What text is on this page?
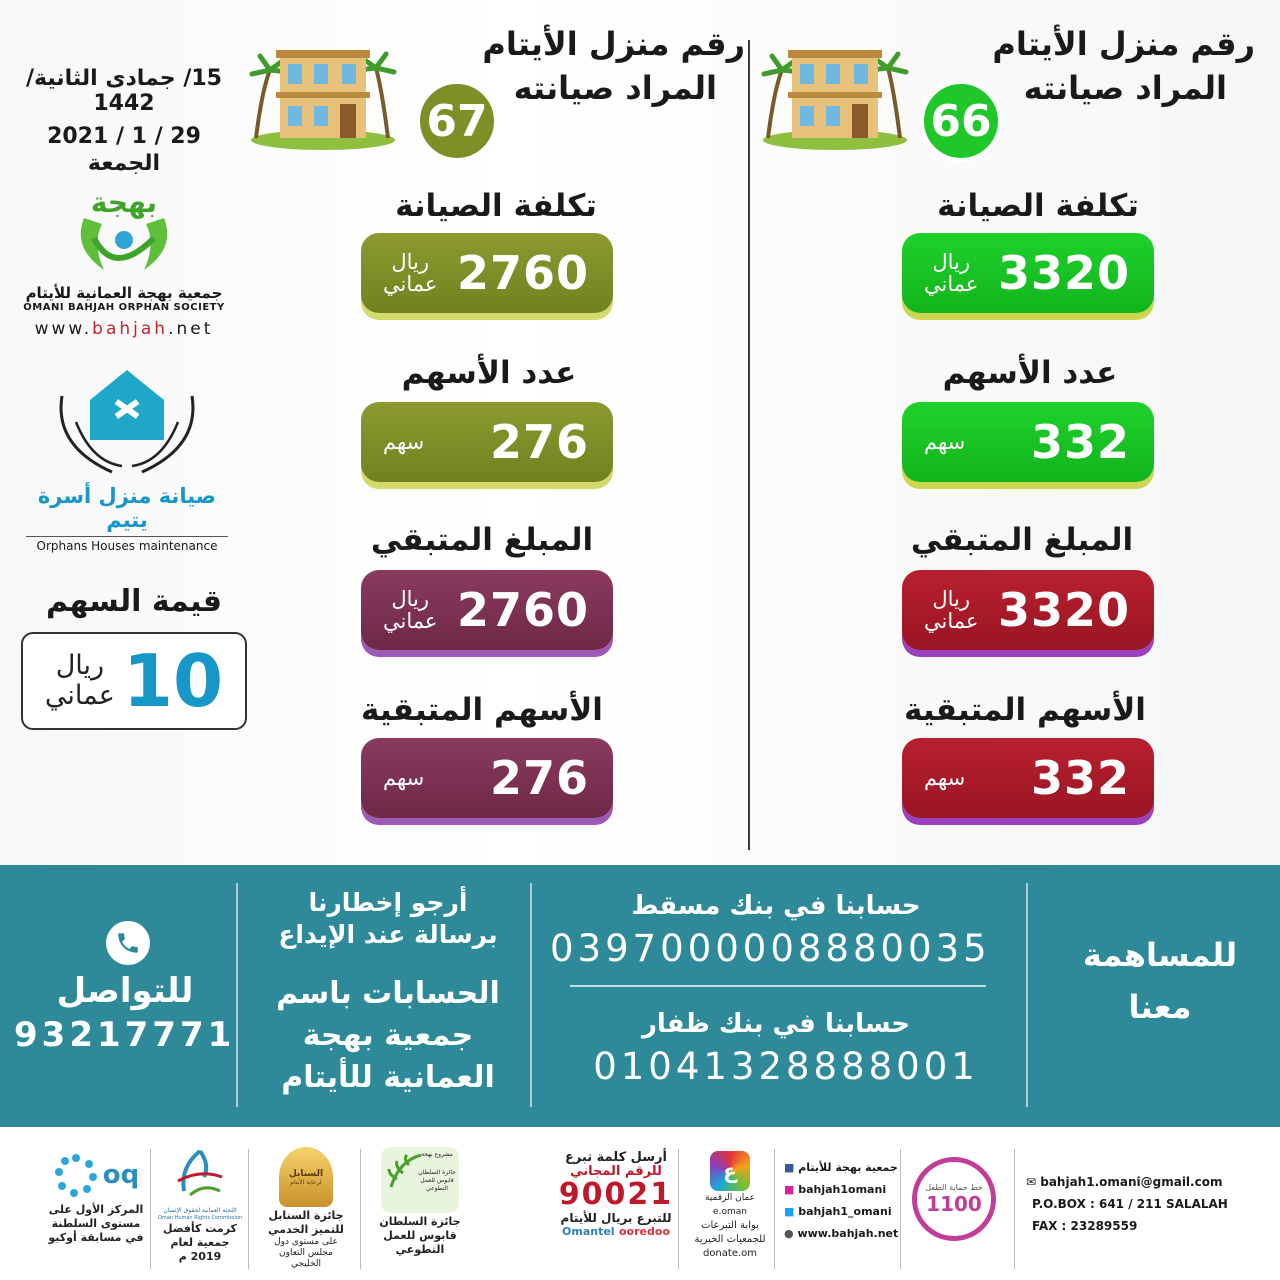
رقم منزل الأيتام
المراد صيانته
66
رقم منزل الأيتام
المراد صيانته
67
تكلفة الصيانة
ريال
عماني 3320
عدد الأسهم
سهم 332
المبلغ المتبقي
ريال
عماني 3320
الأسهم المتبقية
سهم 332
تكلفة الصيانة
ريال
عماني 2760
عدد الأسهم
سهم 276
المبلغ المتبقي
ريال
عماني 2760
الأسهم المتبقية
سهم 276
15/ جمادى الثانية/ 1442
2021 / 1 / 29
الجمعة
بهجة
جمعية بهجة العمانية للأيتام
OMANI BAHJAH ORPHAN SOCIETY
www.bahjah.net
صيانة منزل أسرة يتيم
Orphans Houses maintenance
قيمة السهم
ريال
عماني 10
للمساهمة
معنا
حسابنا في بنك مسقط
0397000008880035
حسابنا في بنك ظفار
01041328888001
أرجو إخطارنا
برسالة عند الإيداع
الحسابات باسم
جمعية بهجة
العمانية للأيتام
للتواصل
93217771
✉ bahjah1.omani@gmail.com
P.O.BOX : 641 / 211 SALALAH
FAX : 23289559
خط حماية الطفل
1100
■ جمعية بهجة للأيتام
■ bahjah1omani
■ bahjah1_omani
● www.bahjah.net
ع
عمان الرقمية
e.oman
بوابة التبرعات
للجمعيات الخيرية
donate.om
أرسل كلمة تبرع
للرقم المجاني
90021
للتبرع بريال للأيتام
Omantel ooredoo
مشروع بهجة
جائزة السلطان قابوس للعمل التطوعي
جائزة السلطان
قابوس للعمل
التطوعي
السنابل
لرعاية الأيتام
جائزة السنابل
للتميز الخدمي
على مستوى دول
مجلس التعاون
الخليجي
اللجنة العمانية لحقوق الإنسان
Oman Human Rights Commission
كرمت كأفضل
جمعية لعام
2019 م
oq
المركز الأول على
مستوى السلطنة
في مسابقة أوكيو
